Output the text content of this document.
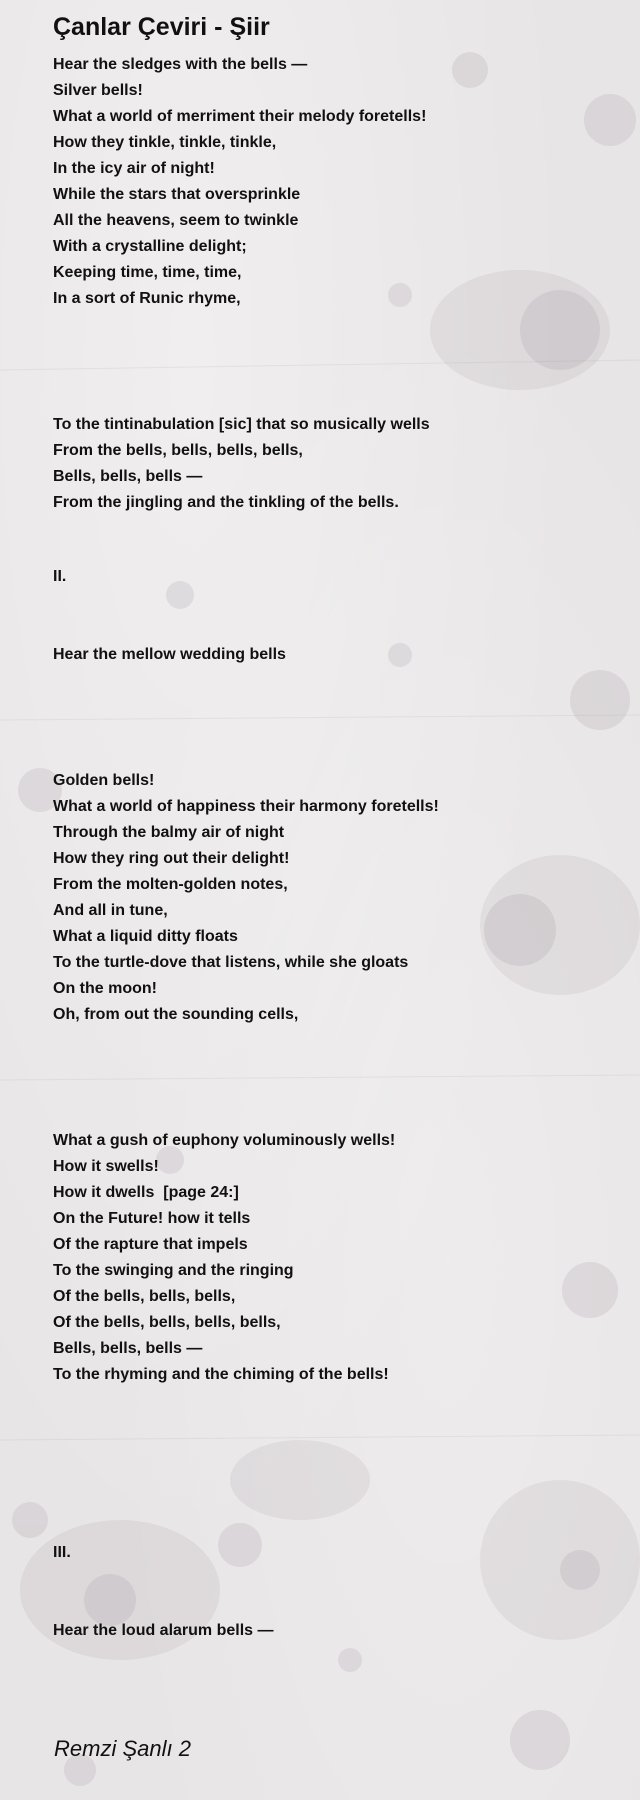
Çanlar Çeviri - Şiir
Hear the sledges with the bells —
Silver bells!
What a world of merriment their melody foretells!
How they tinkle, tinkle, tinkle,
In the icy air of night!
While the stars that oversprinkle
All the heavens, seem to twinkle
With a crystalline delight;
Keeping time, time, time,
In a sort of Runic rhyme,
To the tintinabulation [sic] that so musically wells
From the bells, bells, bells, bells,
Bells, bells, bells —
From the jingling and the tinkling of the bells.
II.
Hear the mellow wedding bells
Golden bells!
What a world of happiness their harmony foretells!
Through the balmy air of night
How they ring out their delight!
From the molten-golden notes,
And all in tune,
What a liquid ditty floats
To the turtle-dove that listens, while she gloats
On the moon!
Oh, from out the sounding cells,
What a gush of euphony voluminously wells!
How it swells!
How it dwells  [page 24:]
On the Future! how it tells
Of the rapture that impels
To the swinging and the ringing
Of the bells, bells, bells,
Of the bells, bells, bells, bells,
Bells, bells, bells —
To the rhyming and the chiming of the bells!
III.
Hear the loud alarum bells —
Remzi Şanlı 2
